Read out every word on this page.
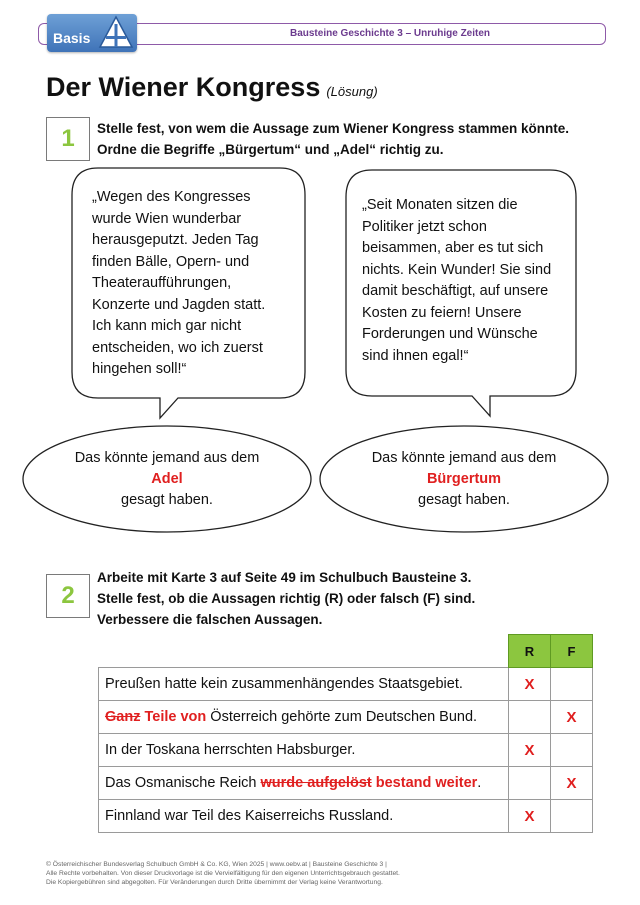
Bausteine Geschichte 3 – Unruhige Zeiten
Basis
Der Wiener Kongress (Lösung)
1	Stelle fest, von wem die Aussage zum Wiener Kongress stammen könnte.
Ordne die Begriffe „Bürgertum“ und „Adel“ richtig zu.
„Wegen des Kongresses
wurde Wien wunderbar
herausgeputzt. Jeden Tag
finden Bälle, Opern- und
Theateraufführungen,
Konzerte und Jagden statt.
Ich kann mich gar nicht
entscheiden, wo ich zuerst
hingehen soll!“
„Seit Monaten sitzen die
Politiker jetzt schon
beisammen, aber es tut sich
nichts. Kein Wunder! Sie sind
damit beschäftigt, auf unsere
Kosten zu feiern! Unsere
Forderungen und Wünsche
sind ihnen egal!“
Das könnte jemand aus dem
Adel
gesagt haben.
Das könnte jemand aus dem
Bürgertum
gesagt haben.
2
Arbeite mit Karte 3 auf Seite 49 im Schulbuch Bausteine 3.
Stelle fest, ob die Aussagen richtig (R) oder falsch (F) sind.
Verbessere die falschen Aussagen.
	R	F
Preußen hatte kein zusammenhängendes Staatsgebiet.	X	
Ganz Teile von Österreich gehörte zum Deutschen Bund.		X
In der Toskana herrschten Habsburger.	X	
Das Osmanische Reich wurde aufgelöst bestand weiter.		X
Finnland war Teil des Kaiserreichs Russland.	X	
© Österreichischer Bundesverlag Schulbuch GmbH & Co. KG, Wien 2025 | www.oebv.at | Bausteine Geschichte 3 |
Alle Rechte vorbehalten. Von dieser Druckvorlage ist die Vervielfältigung für den eigenen Unterrichtsgebrauch gestattet.
Die Kopiergebühren sind abgegolten. Für Veränderungen durch Dritte übernimmt der Verlag keine Verantwortung.
